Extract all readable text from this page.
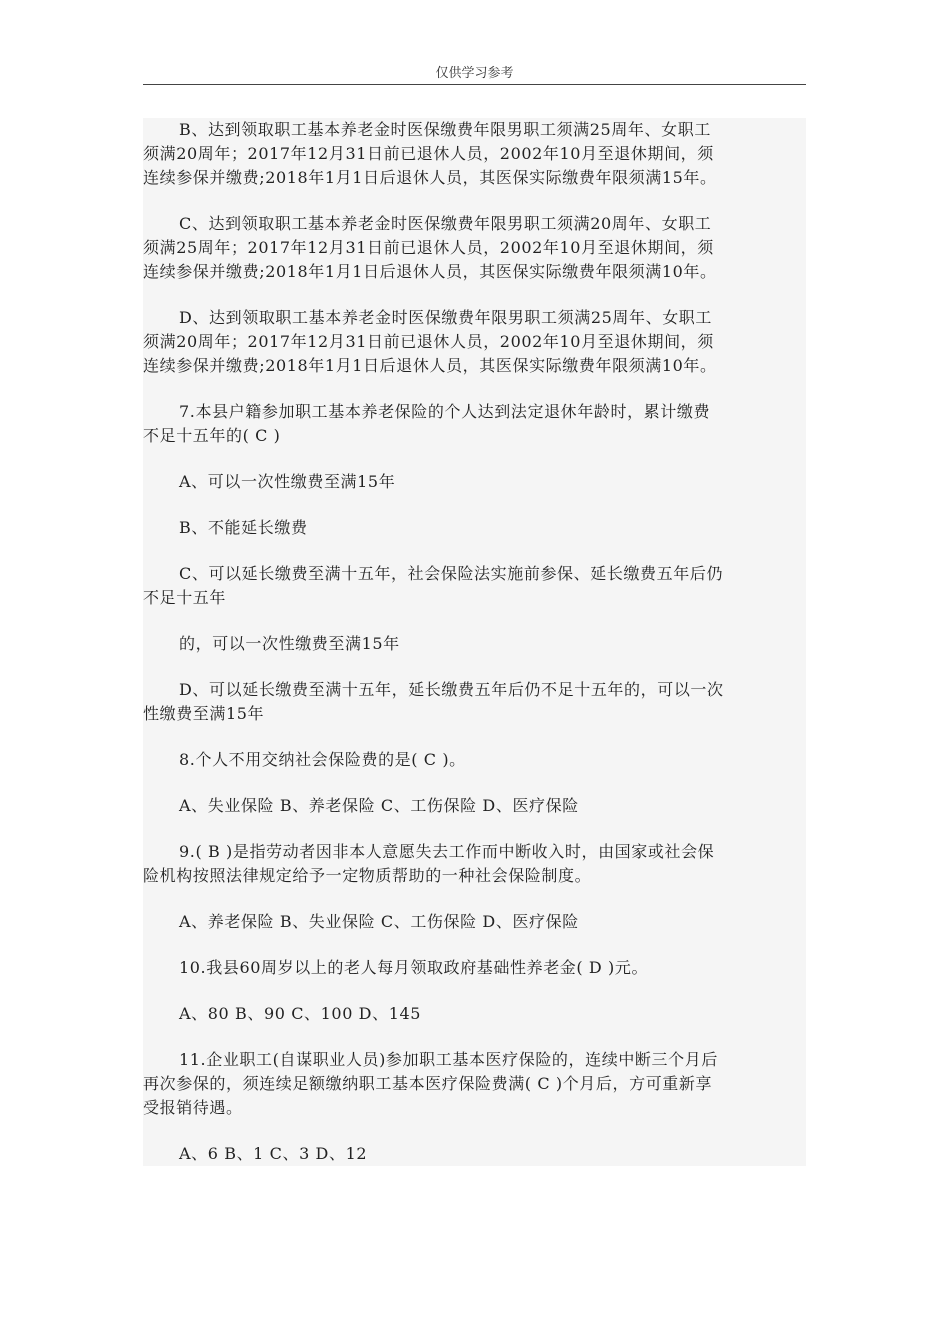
仅供学习参考

B、达到领取职工基本养老金时医保缴费年限男职工须满25周年、女职工
须满20周年；2017年12月31日前已退休人员，2002年10月至退休期间，须
连续参保并缴费;2018年1月1日后退休人员，其医保实际缴费年限须满15年。

C、达到领取职工基本养老金时医保缴费年限男职工须满20周年、女职工
须满25周年；2017年12月31日前已退休人员，2002年10月至退休期间，须
连续参保并缴费;2018年1月1日后退休人员，其医保实际缴费年限须满10年。

D、达到领取职工基本养老金时医保缴费年限男职工须满25周年、女职工
须满20周年；2017年12月31日前已退休人员，2002年10月至退休期间，须
连续参保并缴费;2018年1月1日后退休人员，其医保实际缴费年限须满10年。

7.本县户籍参加职工基本养老保险的个人达到法定退休年龄时，累计缴费
不足十五年的( C )

A、可以一次性缴费至满15年

B、不能延长缴费

C、可以延长缴费至满十五年，社会保险法实施前参保、延长缴费五年后仍
不足十五年

的，可以一次性缴费至满15年

D、可以延长缴费至满十五年，延长缴费五年后仍不足十五年的，可以一次
性缴费至满15年

8.个人不用交纳社会保险费的是( C )。

A、失业保险 B、养老保险 C、工伤保险 D、医疗保险

9.( B )是指劳动者因非本人意愿失去工作而中断收入时，由国家或社会保
险机构按照法律规定给予一定物质帮助的一种社会保险制度。

A、养老保险 B、失业保险 C、工伤保险 D、医疗保险

10.我县60周岁以上的老人每月领取政府基础性养老金( D )元。

A、80 B、90 C、100 D、145

11.企业职工(自谋职业人员)参加职工基本医疗保险的，连续中断三个月后
再次参保的，须连续足额缴纳职工基本医疗保险费满( C )个月后，方可重新享
受报销待遇。

A、6 B、1 C、3 D、12
